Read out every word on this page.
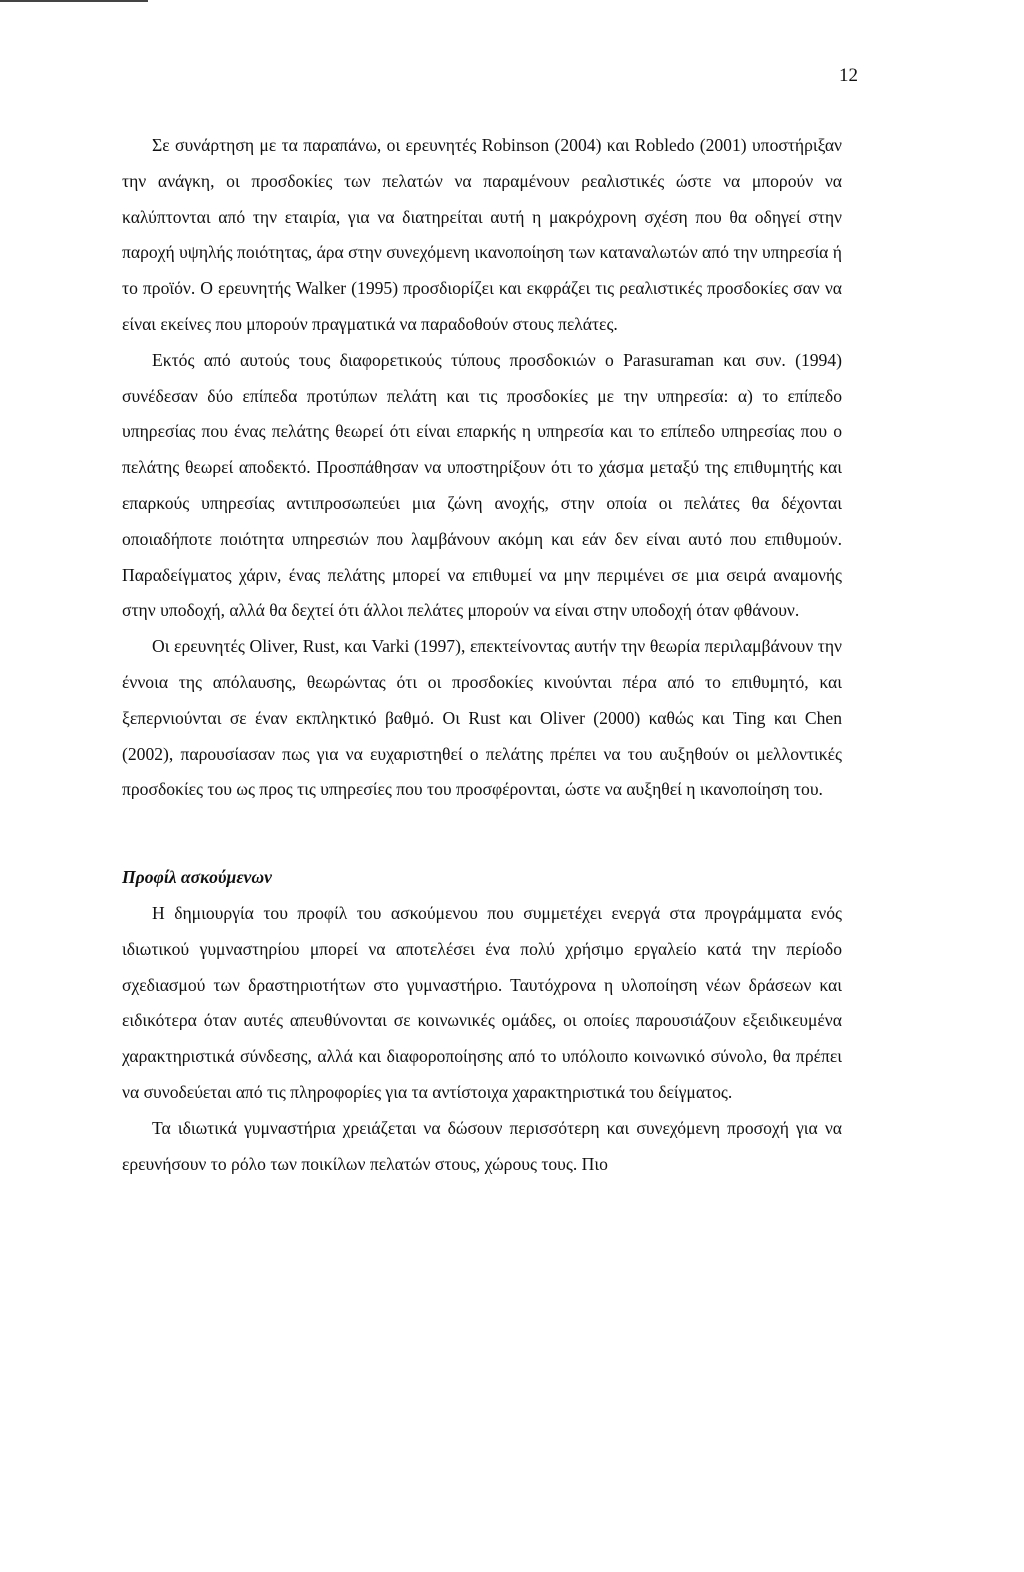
12

Σε συνάρτηση με τα παραπάνω, οι ερευνητές Robinson (2004) και Robledo (2001) υποστήριξαν την ανάγκη, οι προσδοκίες των πελατών να παραμένουν ρεαλιστικές ώστε να μπορούν να καλύπτονται από την εταιρία, για να διατηρείται αυτή η μακρόχρονη σχέση που θα οδηγεί στην παροχή υψηλής ποιότητας, άρα στην συνεχόμενη ικανοποίηση των καταναλωτών από την υπηρεσία ή το προϊόν. Ο ερευνητής Walker (1995) προσδιορίζει και εκφράζει τις ρεαλιστικές προσδοκίες σαν να είναι εκείνες που μπορούν πραγματικά να παραδοθούν στους πελάτες.

Εκτός από αυτούς τους διαφορετικούς τύπους προσδοκιών ο Parasuraman και συν. (1994) συνέδεσαν δύο επίπεδα προτύπων πελάτη και τις προσδοκίες με την υπηρεσία: α) το επίπεδο υπηρεσίας που ένας πελάτης θεωρεί ότι είναι επαρκής η υπηρεσία και το επίπεδο υπηρεσίας που ο πελάτης θεωρεί αποδεκτό. Προσπάθησαν να υποστηρίξουν ότι το χάσμα μεταξύ της επιθυμητής και επαρκούς υπηρεσίας αντιπροσωπεύει μια ζώνη ανοχής, στην οποία οι πελάτες θα δέχονται οποιαδήποτε ποιότητα υπηρεσιών που λαμβάνουν ακόμη και εάν δεν είναι αυτό που επιθυμούν. Παραδείγματος χάριν, ένας πελάτης μπορεί να επιθυμεί να μην περιμένει σε μια σειρά αναμονής στην υποδοχή, αλλά θα δεχτεί ότι άλλοι πελάτες μπορούν να είναι στην υποδοχή όταν φθάνουν.

Οι ερευνητές Oliver, Rust, και Varki (1997), επεκτείνοντας αυτήν την θεωρία περιλαμβάνουν την έννοια της απόλαυσης, θεωρώντας ότι οι προσδοκίες κινούνται πέρα από το επιθυμητό, και ξεπερνιούνται σε έναν εκπληκτικό βαθμό. Οι Rust και Oliver (2000) καθώς και Ting και Chen (2002), παρουσίασαν πως για να ευχαριστηθεί ο πελάτης πρέπει να του αυξηθούν οι μελλοντικές προσδοκίες του ως προς τις υπηρεσίες που του προσφέρονται, ώστε να αυξηθεί η ικανοποίηση του.

Προφίλ ασκούμενων

Η δημιουργία του προφίλ του ασκούμενου που συμμετέχει ενεργά στα προγράμματα ενός ιδιωτικού γυμναστηρίου μπορεί να αποτελέσει ένα πολύ χρήσιμο εργαλείο κατά την περίοδο σχεδιασμού των δραστηριοτήτων στο γυμναστήριο. Ταυτόχρονα η υλοποίηση νέων δράσεων και ειδικότερα όταν αυτές απευθύνονται σε κοινωνικές ομάδες, οι οποίες παρουσιάζουν εξειδικευμένα χαρακτηριστικά σύνδεσης, αλλά και διαφοροποίησης από το υπόλοιπο κοινωνικό σύνολο, θα πρέπει να συνοδεύεται από τις πληροφορίες για τα αντίστοιχα χαρακτηριστικά του δείγματος.

Τα ιδιωτικά γυμναστήρια χρειάζεται να δώσουν περισσότερη και συνεχόμενη προσοχή για να ερευνήσουν το ρόλο των ποικίλων πελατών στους, χώρους τους. Πιο
